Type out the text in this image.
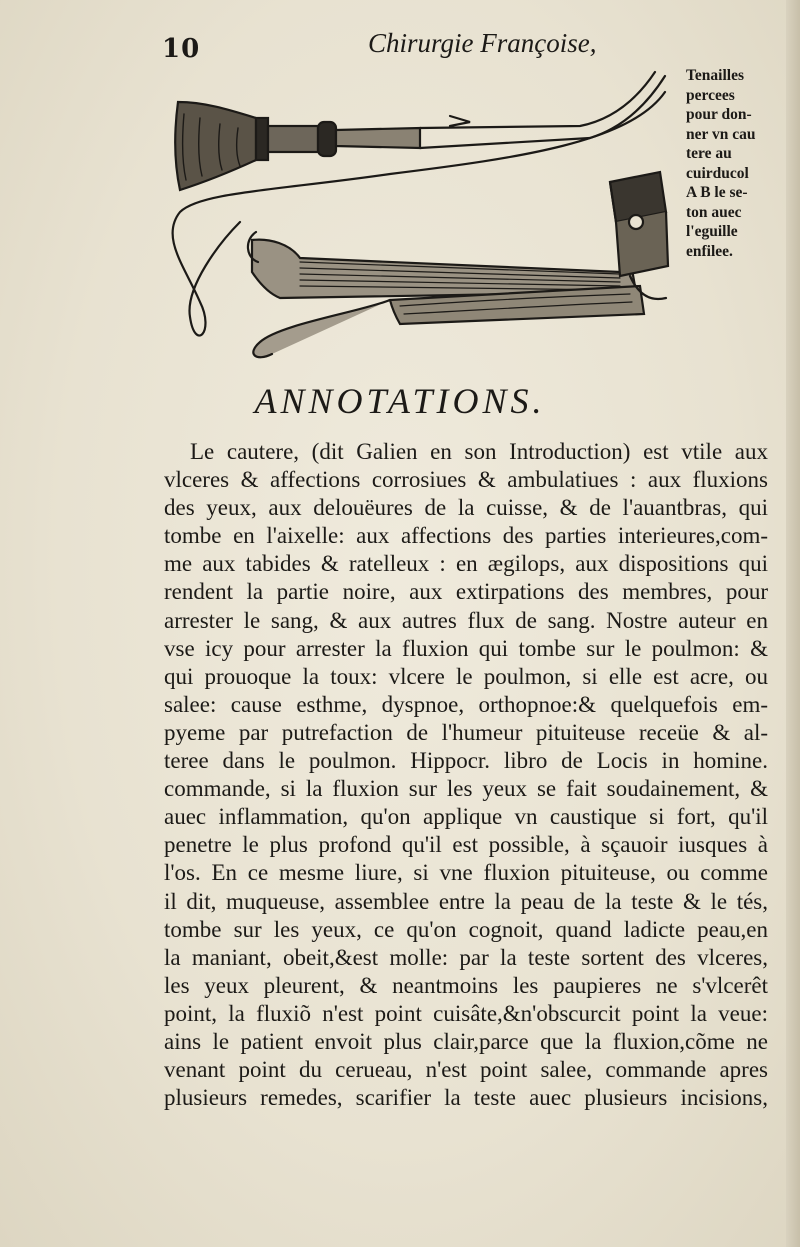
10	Chirurgie Françoise,
Tenailles
percees
pour don-
ner vn cau
tere au
cuirducol
A B le se-
ton auec
l'eguille
enfilee.
ANNOTATIONS.
Le cautere, (dit Galien en son Introduction) est vtile aux
vlceres & affections corrosiues & ambulatiues : aux fluxions
des yeux, aux delouëures de la cuisse, & de l'auantbras, qui
tombe en l'aixelle: aux affections des parties interieures,com-
me aux tabides & ratelleux : en ægilops, aux dispositions qui
rendent la partie noire, aux extirpations des membres, pour
arrester le sang, & aux autres flux de sang. Nostre auteur en
vse icy pour arrester la fluxion qui tombe sur le poulmon: &
qui prouoque la toux: vlcere le poulmon, si elle est acre, ou
salee: cause esthme, dyspnoe, orthopnoe:& quelquefois em-
pyeme par putrefaction de l'humeur pituiteuse receüe & al-
teree dans le poulmon. Hippocr. libro de Locis in homine.
commande, si la fluxion sur les yeux se fait soudainement, &
auec inflammation, qu'on applique vn caustique si fort, qu'il
penetre le plus profond qu'il est possible, à sçauoir iusques à
l'os. En ce mesme liure, si vne fluxion pituiteuse, ou comme
il dit, muqueuse, assemblee entre la peau de la teste & le tés,
tombe sur les yeux, ce qu'on cognoit, quand ladicte peau,en
la maniant, obeit,&est molle: par la teste sortent des vlceres,
les yeux pleurent, & neantmoins les paupieres ne s'vlcerêt
point, la fluxiõ n'est point cuisâte,&n'obscurcit point la veue:
ains le patient envoit plus clair,parce que la fluxion,cõme ne
venant point du cerueau, n'est point salee, commande apres
plusieurs remedes, scarifier la teste auec plusieurs incisions,
